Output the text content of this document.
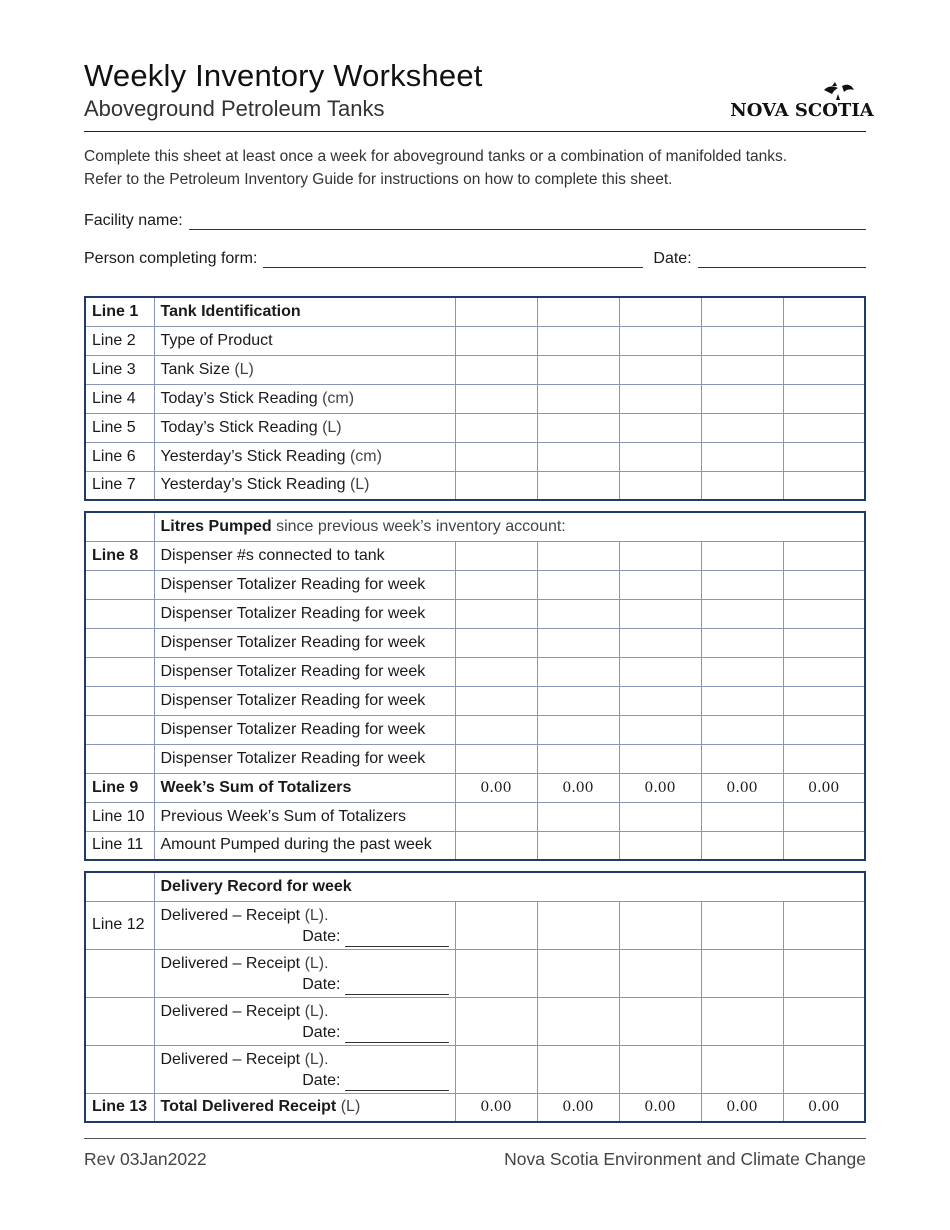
Weekly Inventory Worksheet
Aboveground Petroleum Tanks	NOVA SCOTIA
Complete this sheet at least once a week for aboveground tanks or a combination of manifolded tanks.
Refer to the Petroleum Inventory Guide for instructions on how to complete this sheet.
Facility name:
Person completing form:	Date:
Line 1	Tank Identification					
Line 2	Type of Product					
Line 3	Tank Size (L)					
Line 4	Today’s Stick Reading (cm)					
Line 5	Today’s Stick Reading (L)					
Line 6	Yesterday’s Stick Reading (cm)					
Line 7	Yesterday’s Stick Reading (L)					
	Litres Pumped since previous week’s inventory account:					
Line 8	Dispenser #s connected to tank					
	Dispenser Totalizer Reading for week					
	Dispenser Totalizer Reading for week					
	Dispenser Totalizer Reading for week					
	Dispenser Totalizer Reading for week					
	Dispenser Totalizer Reading for week					
	Dispenser Totalizer Reading for week					
	Dispenser Totalizer Reading for week					
Line 9	Week’s Sum of Totalizers	0.00	0.00	0.00	0.00	0.00
Line 10	Previous Week’s Sum of Totalizers					
Line 11	Amount Pumped during the past week					
	Delivery Record for week					
Line 12	Delivered – Receipt (L).
Date:					

	Delivered – Receipt (L).
Date:					

	Delivered – Receipt (L).
Date:					

	Delivered – Receipt (L).
Date:					

Line 13	Total Delivered Receipt (L)	0.00	0.00	0.00	0.00	0.00
Rev 03Jan2022	Nova Scotia Environment and Climate Change
